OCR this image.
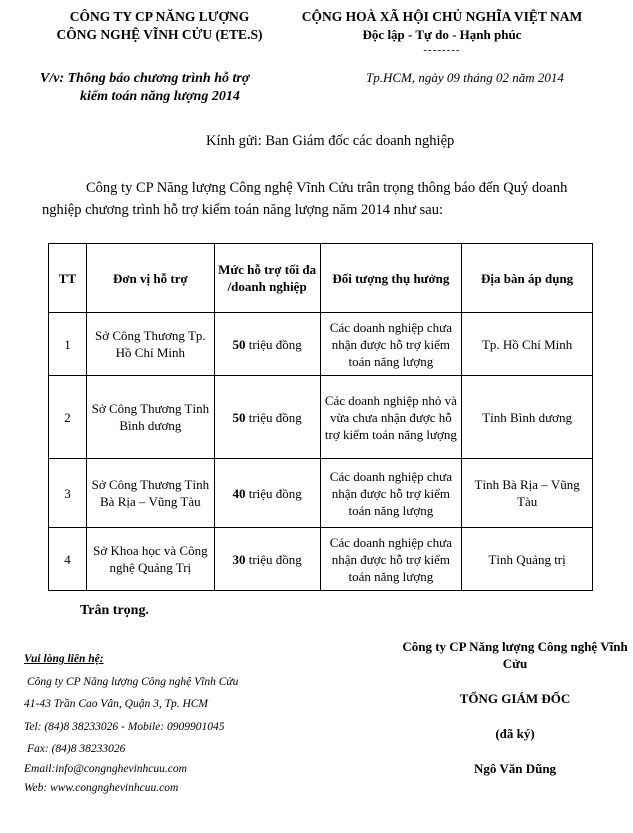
CÔNG TY CP NĂNG LƯỢNG
CÔNG NGHỆ VĨNH CỬU (ETE.S)
CỘNG HOÀ XÃ HỘI CHỦ NGHĨA VIỆT NAM
Độc lập - Tự do - Hạnh phúc
--------
V/v: Thông báo chương trình hỗ trợ
kiểm toán năng lượng 2014
Tp.HCM, ngày 09 tháng 02 năm 2014
Kính gửi: Ban Giám đốc các doanh nghiệp
Công ty CP Năng lượng Công nghệ Vĩnh Cửu trân trọng thông báo đến Quý doanh nghiệp chương trình hỗ trợ kiểm toán năng lượng năm 2014 như sau:
TT	Đơn vị hỗ trợ	Mức hỗ trợ tối đa /doanh nghiệp	Đối tượng thụ hưởng	Địa bàn áp dụng
1	Sở Công Thương Tp. Hồ Chí Minh	50 triệu đồng	Các doanh nghiệp chưa nhận được hỗ trợ kiểm toán năng lượng	Tp. Hồ Chí Minh
2	Sở Công Thương Tỉnh Bình dương	50 triệu đồng	Các doanh nghiệp nhỏ và vừa chưa nhận được hỗ trợ kiểm toán năng lượng	Tỉnh Bình dương
3	Sở Công Thương Tỉnh Bà Rịa – Vũng Tàu	40 triệu đồng	Các doanh nghiệp chưa nhận được hỗ trợ kiểm toán năng lượng	Tỉnh Bà Rịa – Vũng Tàu
4	Sở Khoa học và Công nghệ Quảng Trị	30 triệu đồng	Các doanh nghiệp chưa nhận được hỗ trợ kiểm toán năng lượng	Tỉnh Quảng trị
Trân trọng.
Vui lòng liên hệ:
Công ty CP Năng lượng Công nghệ Vĩnh Cửu
41-43 Trần Cao Vân, Quận 3, Tp. HCM
Tel: (84)8 38233026 - Mobile: 0909901045
Fax: (84)8 38233026
Email:info@congnghevinhcuu.com
Web: www.congnghevinhcuu.com
Công ty CP Năng lượng Công nghệ Vĩnh Cửu
TỔNG GIÁM ĐỐC
(đã ký)
Ngô Văn Dũng
